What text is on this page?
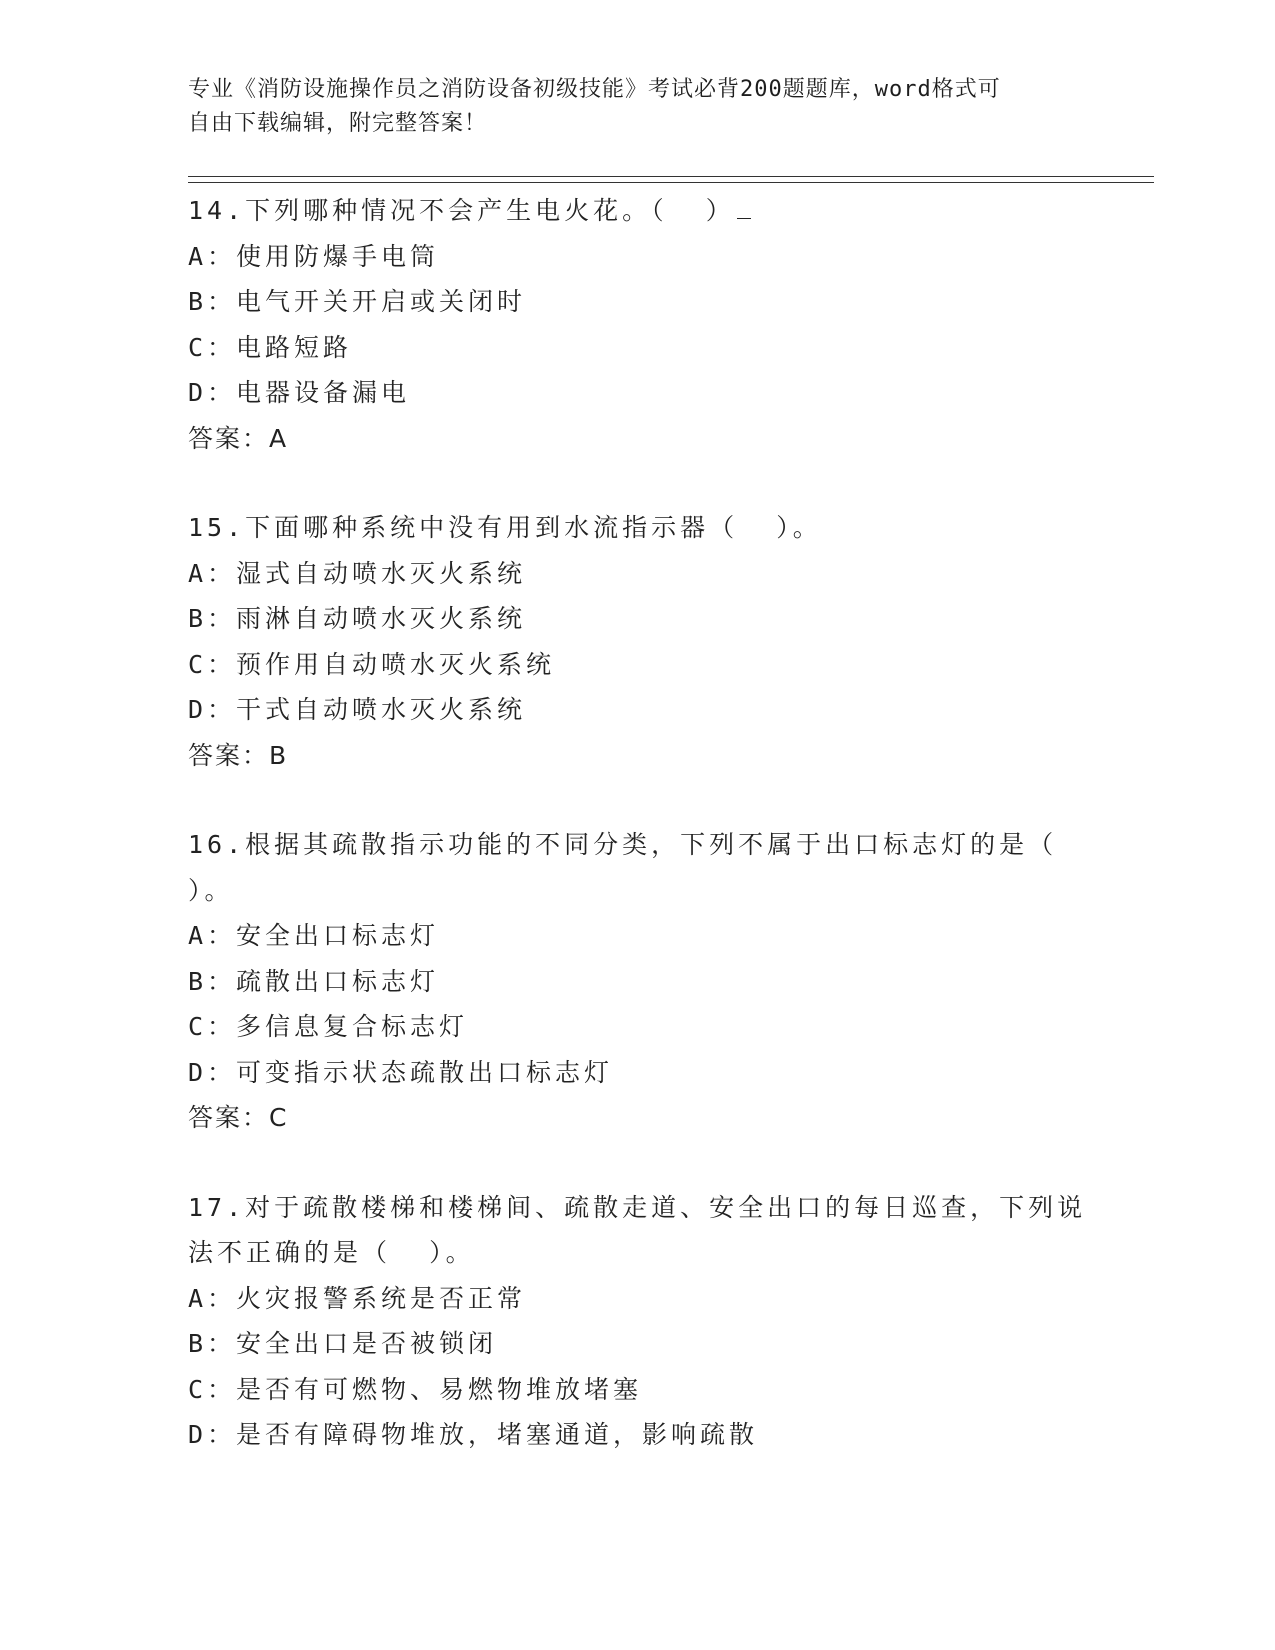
专业《消防设施操作员之消防设备初级技能》考试必背200题题库，word格式可
自由下载编辑，附完整答案！
14.下列哪种情况不会产生电火花。（  ）
A：使用防爆手电筒
B：电气开关开启或关闭时
C：电路短路
D：电器设备漏电
答案：A
15.下面哪种系统中没有用到水流指示器（  ）。
A：湿式自动喷水灭火系统
B：雨淋自动喷水灭火系统
C：预作用自动喷水灭火系统
D：干式自动喷水灭火系统
答案：B
16.根据其疏散指示功能的不同分类，下列不属于出口标志灯的是（
）。
A：安全出口标志灯
B：疏散出口标志灯
C：多信息复合标志灯
D：可变指示状态疏散出口标志灯
答案：C
17.对于疏散楼梯和楼梯间、疏散走道、安全出口的每日巡查，下列说
法不正确的是（  ）。
A：火灾报警系统是否正常
B：安全出口是否被锁闭
C：是否有可燃物、易燃物堆放堵塞
D：是否有障碍物堆放，堵塞通道，影响疏散
